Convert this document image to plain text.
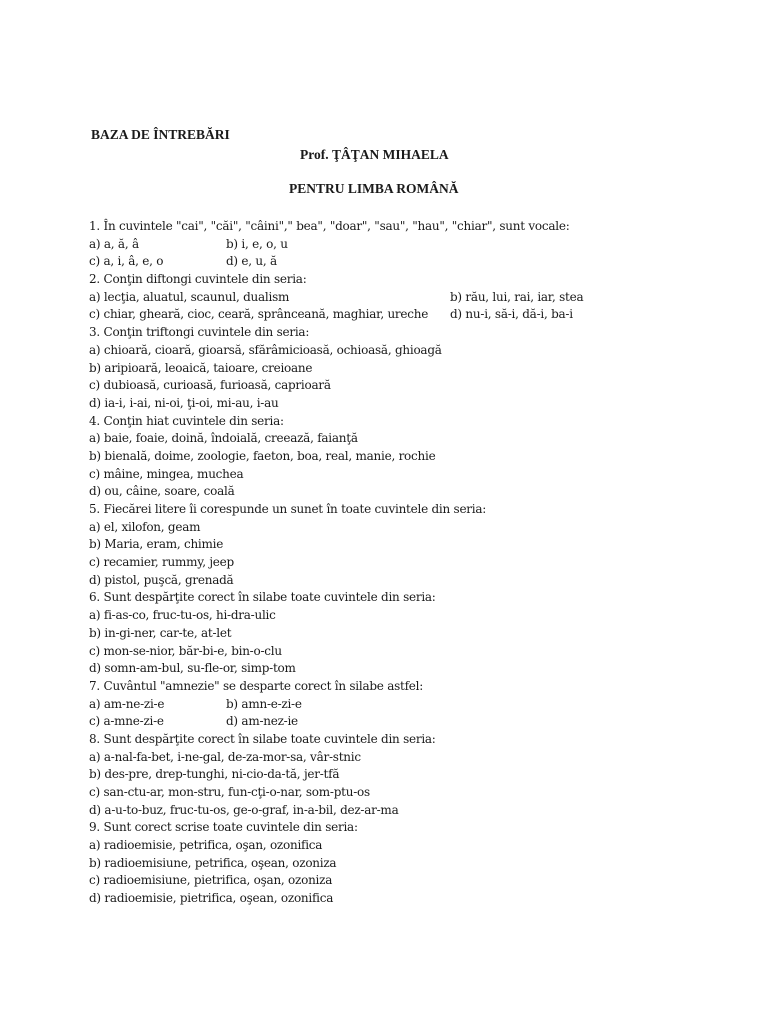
BAZA DE ÎNTREBĂRI
Prof. ŢÂŢAN MIHAELA
PENTRU LIMBA ROMÂNĂ
1. În cuvintele "cai", "căi", "câini"," bea", "doar", "sau", "hau", "chiar", sunt vocale:
a) a, ă, â	b) i, e, o, u
c) a, i, â, e, o	d) e, u, ă
2. Conţin diftongi cuvintele din seria:
a) lecţia, aluatul, scaunul, dualism	b) rău, lui, rai, iar, stea
c) chiar, gheară, cioc, ceară, sprânceană, maghiar, ureche	d) nu-i, să-i, dă-i, ba-i
3. Conţin triftongi cuvintele din seria:
a) chioară, cioară, gioarsă, sfărâmicioasă, ochioasă, ghioagă
b) aripioară, leoaică, taioare, creioane
c) dubioasă, curioasă, furioasă, caprioară
d) ia-i, i-ai, ni-oi, ţi-oi, mi-au, i-au
4. Conţin hiat cuvintele din seria:
a) baie, foaie, doină, îndoială, creează, faianţă
b) bienală, doime, zoologie, faeton, boa, real, manie, rochie
c) mâine, mingea, muchea
d) ou, câine, soare, coală
5. Fiecărei litere îi corespunde un sunet în toate cuvintele din seria:
a) el, xilofon, geam
b) Maria, eram, chimie
c) recamier, rummy, jeep
d) pistol, puşcă, grenadă
6. Sunt despărţite corect în silabe toate cuvintele din seria:
a) fi-as-co, fruc-tu-os, hi-dra-ulic
b) in-gi-ner, car-te, at-let
c) mon-se-nior, băr-bi-e, bin-o-clu
d) somn-am-bul, su-fle-or, simp-tom
7. Cuvântul "amnezie" se desparte corect în silabe astfel:
a) am-ne-zi-e	b) amn-e-zi-e
c) a-mne-zi-e	d) am-nez-ie
8. Sunt despărţite corect în silabe toate cuvintele din seria:
a) a-nal-fa-bet, i-ne-gal, de-za-mor-sa, vâr-stnic
b) des-pre, drep-tunghi, ni-cio-da-tă, jer-tfă
c) san-ctu-ar, mon-stru, fun-cţi-o-nar, som-ptu-os
d) a-u-to-buz, fruc-tu-os, ge-o-graf, in-a-bil, dez-ar-ma
9. Sunt corect scrise toate cuvintele din seria:
a) radioemisie, petrifica, oşan, ozonifica
b) radioemisiune, petrifica, oşean, ozoniza
c) radioemisiune, pietrifica, oşan, ozoniza
d) radioemisie, pietrifica, oşean, ozonifica
